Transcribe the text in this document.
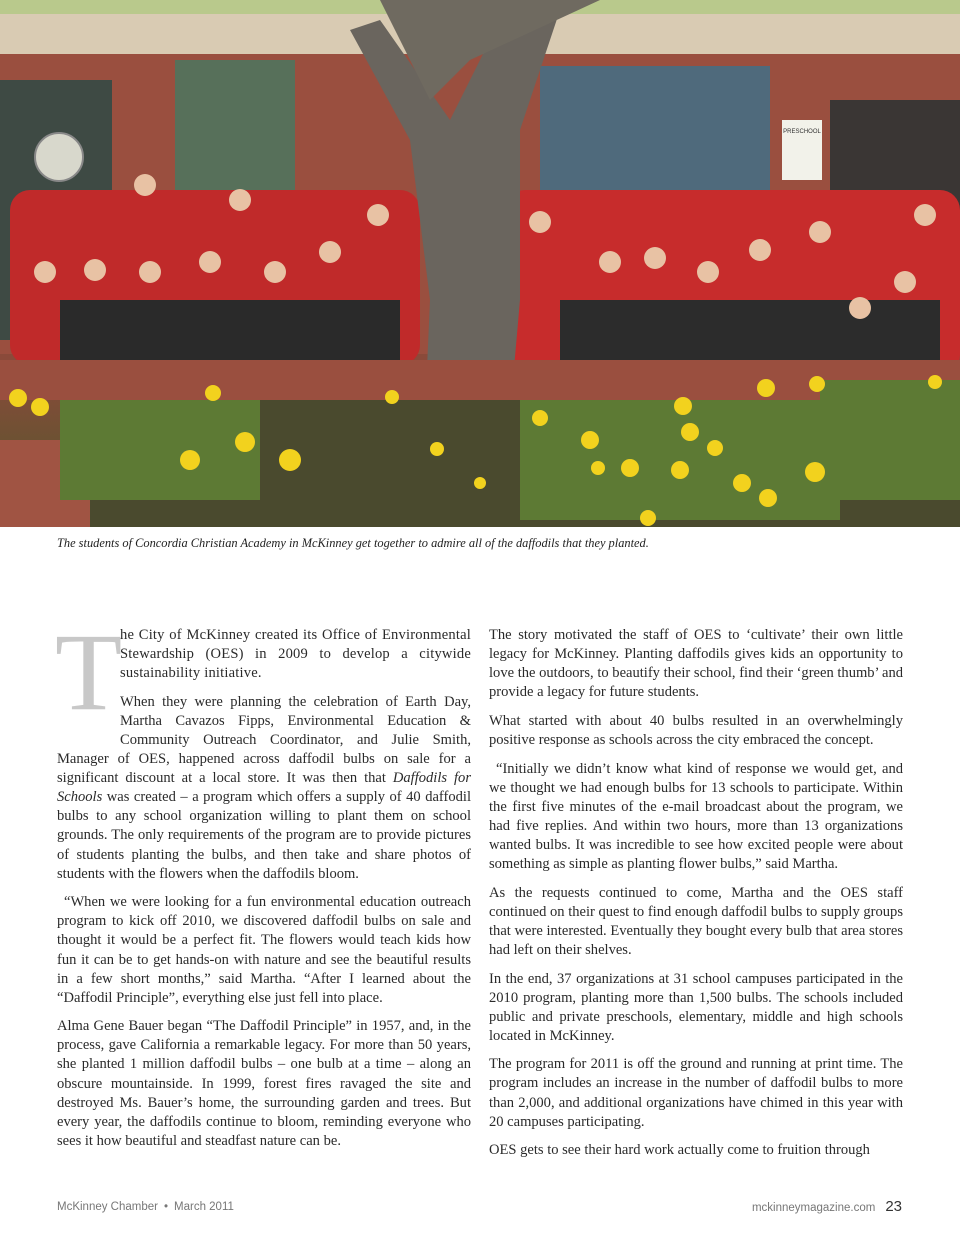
PRESCHOOL
The students of Concordia Christian Academy in McKinney get together to admire all of the daffodils that they planted.

T
he City of McKinney created its Office of Environmental Stewardship (OES) in 2009 to develop a citywide sustainability initiative.

When they were planning the celebration of Earth Day, Martha Cavazos Fipps, Environmental Education & Community Outreach Coordinator, and Julie Smith, Manager of OES, happened across daffodil bulbs on sale for a significant discount at a local store. It was then that Daffodils for Schools was created – a program which offers a supply of 40 daffodil bulbs to any school organization willing to plant them on school grounds. The only requirements of the program are to provide pictures of students planting the bulbs, and then take and share photos of students with the flowers when the daffodils bloom.

“When we were looking for a fun environmental education outreach program to kick off 2010, we discovered daffodil bulbs on sale and thought it would be a perfect fit. The flowers would teach kids how fun it can be to get hands-on with nature and see the beautiful results in a few short months,” said Martha. “After I learned about the “Daffodil Principle”, everything else just fell into place.

Alma Gene Bauer began “The Daffodil Principle” in 1957, and, in the process, gave California a remarkable legacy. For more than 50 years, she planted 1 million daffodil bulbs – one bulb at a time – along an obscure mountainside. In 1999, forest fires ravaged the site and destroyed Ms. Bauer’s home, the surrounding garden and trees. But every year, the daffodils continue to bloom, reminding everyone who sees it how beautiful and steadfast nature can be.

The story motivated the staff of OES to ‘cultivate’ their own little legacy for McKinney. Planting daffodils gives kids an opportunity to love the outdoors, to beautify their school, find their ‘green thumb’ and provide a legacy for future students.

What started with about 40 bulbs resulted in an overwhelmingly positive response as schools across the city embraced the concept.

“Initially we didn’t know what kind of response we would get, and we thought we had enough bulbs for 13 schools to participate. Within the first five minutes of the e-mail broadcast about the program, we had five replies. And within two hours, more than 13 organizations wanted bulbs. It was incredible to see how excited people were about something as simple as planting flower bulbs,” said Martha.

As the requests continued to come, Martha and the OES staff continued on their quest to find enough daffodil bulbs to supply groups that were interested. Eventually they bought every bulb that area stores had left on their shelves.

In the end, 37 organizations at 31 school campuses participated in the 2010 program, planting more than 1,500 bulbs. The schools included public and private preschools, elementary, middle and high schools located in McKinney.

The program for 2011 is off the ground and running at print time. The program includes an increase in the number of daffodil bulbs to more than 2,000, and additional organizations have chimed in this year with 20 campuses participating.

OES gets to see their hard work actually come to fruition through

McKinney Chamber • March 2011	mckinneymagazine.com 23
